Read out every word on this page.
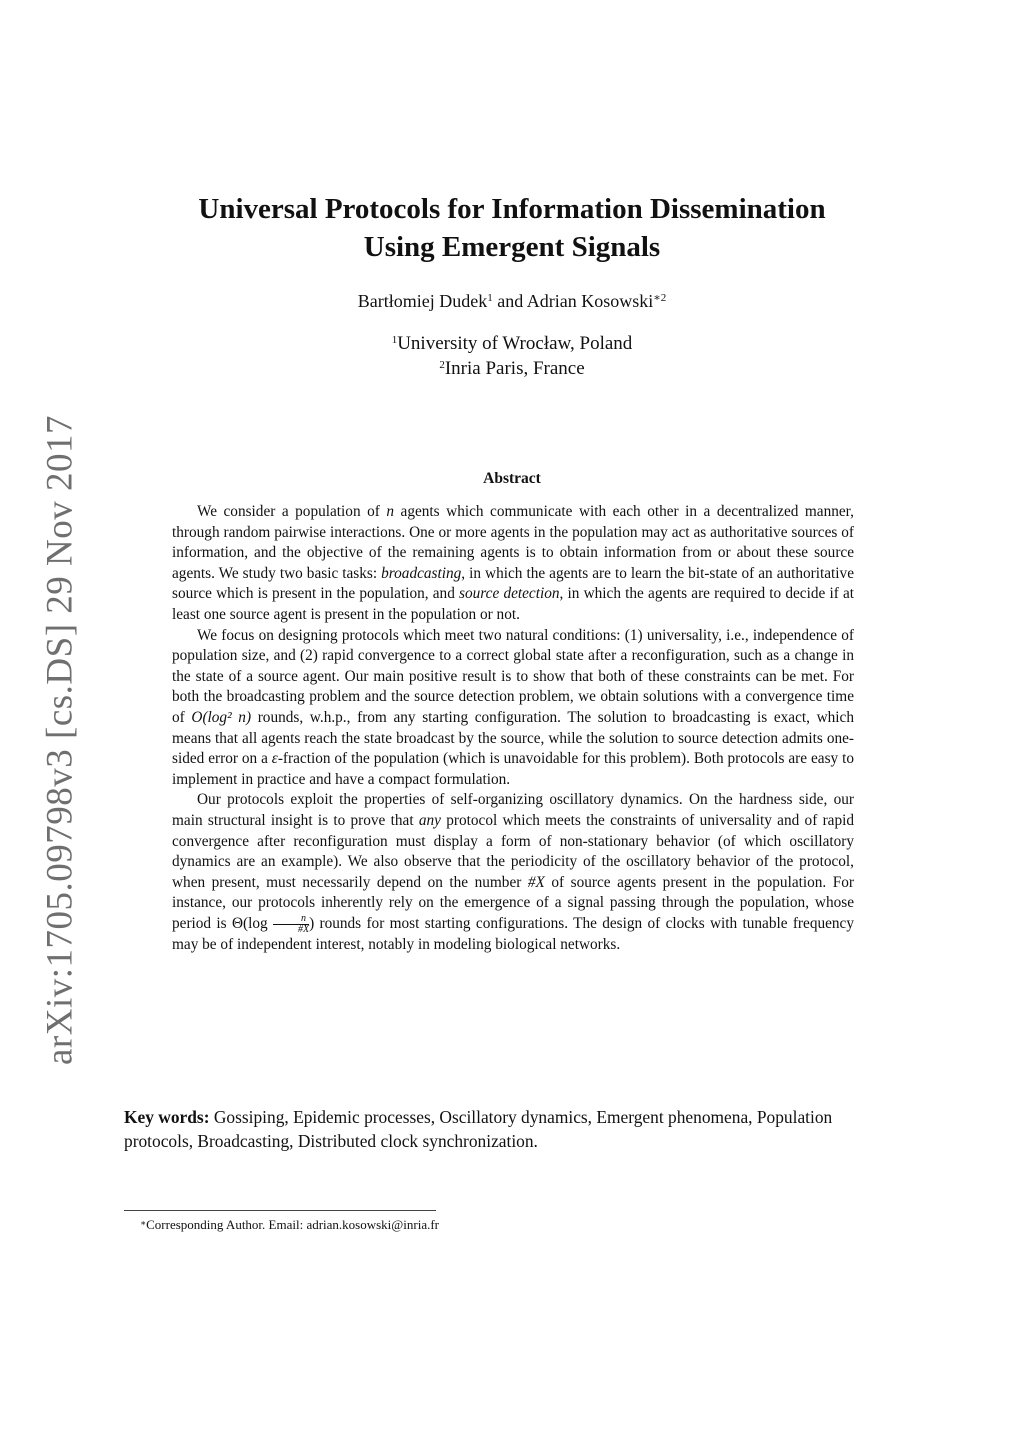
arXiv:1705.09798v3 [cs.DS] 29 Nov 2017
Universal Protocols for Information Dissemination
Using Emergent Signals
Bartłomiej Dudek$^1$ and Adrian Kosowski$^{∗2}$
$^1$University of Wrocław, Poland
$^2$Inria Paris, France
Abstract

We consider a population of n agents which communicate with each other in a decentralized manner, through random pairwise interactions. One or more agents in the population may act as authoritative sources of information, and the objective of the remaining agents is to obtain information from or about these source agents. We study two basic tasks: broadcasting, in which the agents are to learn the bit-state of an authoritative source which is present in the population, and source detection, in which the agents are required to decide if at least one source agent is present in the population or not.

We focus on designing protocols which meet two natural conditions: (1) universality, i.e., independence of population size, and (2) rapid convergence to a correct global state after a reconfiguration, such as a change in the state of a source agent. Our main positive result is to show that both of these constraints can be met. For both the broadcasting problem and the source detection problem, we obtain solutions with a convergence time of O(log² n) rounds, w.h.p., from any starting configuration. The solution to broadcasting is exact, which means that all agents reach the state broadcast by the source, while the solution to source detection admits one-sided error on a ε-fraction of the population (which is unavoidable for this problem). Both protocols are easy to implement in practice and have a compact formulation.

Our protocols exploit the properties of self-organizing oscillatory dynamics. On the hardness side, our main structural insight is to prove that any protocol which meets the constraints of universality and of rapid convergence after reconfiguration must display a form of non-stationary behavior (of which oscillatory dynamics are an example). We also observe that the periodicity of the oscillatory behavior of the protocol, when present, must necessarily depend on the number #X of source agents present in the population. For instance, our protocols inherently rely on the emergence of a signal passing through the population, whose period is $\Theta(\log \frac{n}{\#X}$ ) rounds for most starting configurations. The design of clocks with tunable frequency may be of independent interest, notably in modeling biological networks.

Key words: Gossiping, Epidemic processes, Oscillatory dynamics, Emergent phenomena, Population protocols, Broadcasting, Distributed clock synchronization.
∗Corresponding Author. Email: adrian.kosowski@inria.fr
